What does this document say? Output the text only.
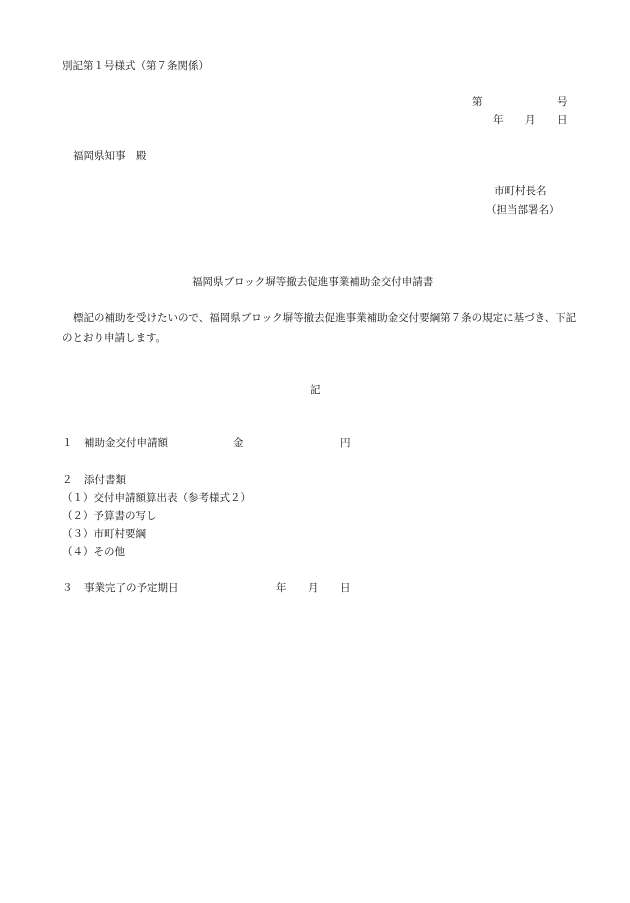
別記第１号様式（第７条関係）
第	号
年 月 日
福岡県知事　殿
市町村長名
（担当部署名）
福岡県ブロック塀等撤去促進事業補助金交付申請書
標記の補助を受けたいので、福岡県ブロック塀等撤去促進事業補助金交付要綱第７条の規定に基づき、下記のとおり申請します。
記
１ 補助金交付申請額	金	円
２ 添付書類
（１）交付申請額算出表（参考様式２）
（２）予算書の写し
（３）市町村要綱
（４）その他
３ 事業完了の予定期日	年 月 日
